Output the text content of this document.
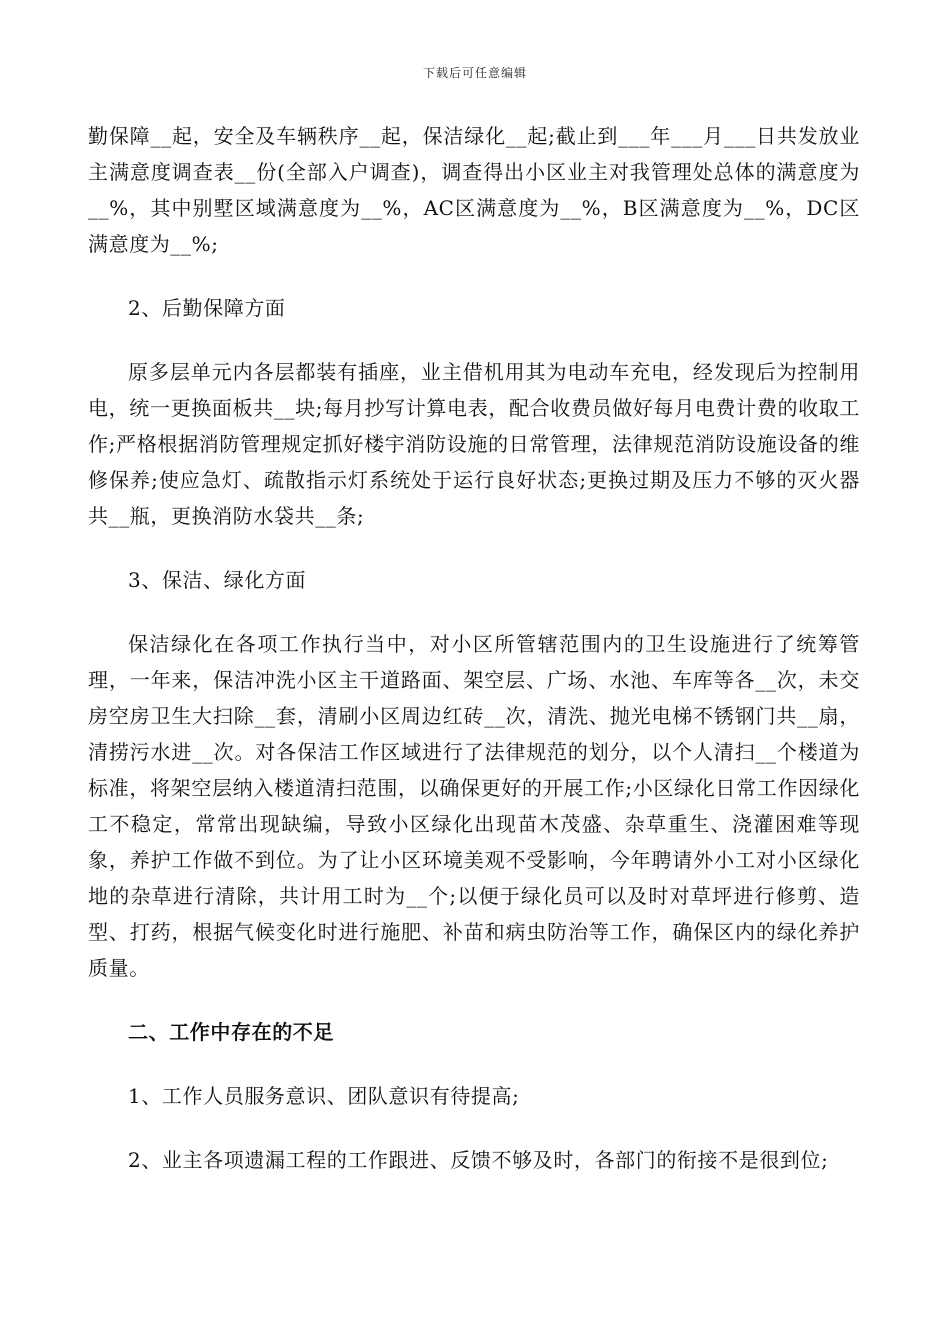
下载后可任意编辑

勤保障__起，安全及车辆秩序__起，保洁绿化__起;截止到___年___月___日共发放业主满意度调查表__份(全部入户调查)，调查得出小区业主对我管理处总体的满意度为__%，其中别墅区域满意度为__%，AC区满意度为__%，B区满意度为__%，DC区满意度为__%;

2、后勤保障方面

原多层单元内各层都装有插座，业主借机用其为电动车充电，经发现后为控制用电，统一更换面板共__块;每月抄写计算电表，配合收费员做好每月电费计费的收取工作;严格根据消防管理规定抓好楼宇消防设施的日常管理，法律规范消防设施设备的维修保养;使应急灯、疏散指示灯系统处于运行良好状态;更换过期及压力不够的灭火器共__瓶，更换消防水袋共__条;

3、保洁、绿化方面

保洁绿化在各项工作执行当中，对小区所管辖范围内的卫生设施进行了统筹管理，一年来，保洁冲洗小区主干道路面、架空层、广场、水池、车库等各__次，未交房空房卫生大扫除__套，清刷小区周边红砖__次，清洗、抛光电梯不锈钢门共__扇，清捞污水进__次。对各保洁工作区域进行了法律规范的划分，以个人清扫__个楼道为标准，将架空层纳入楼道清扫范围，以确保更好的开展工作;小区绿化日常工作因绿化工不稳定，常常出现缺编，导致小区绿化出现苗木茂盛、杂草重生、浇灌困难等现象，养护工作做不到位。为了让小区环境美观不受影响，今年聘请外小工对小区绿化地的杂草进行清除，共计用工时为__个;以便于绿化员可以及时对草坪进行修剪、造型、打药，根据气候变化时进行施肥、补苗和病虫防治等工作，确保区内的绿化养护质量。

二、工作中存在的不足

1、工作人员服务意识、团队意识有待提高;

2、业主各项遗漏工程的工作跟进、反馈不够及时，各部门的衔接不是很到位;
